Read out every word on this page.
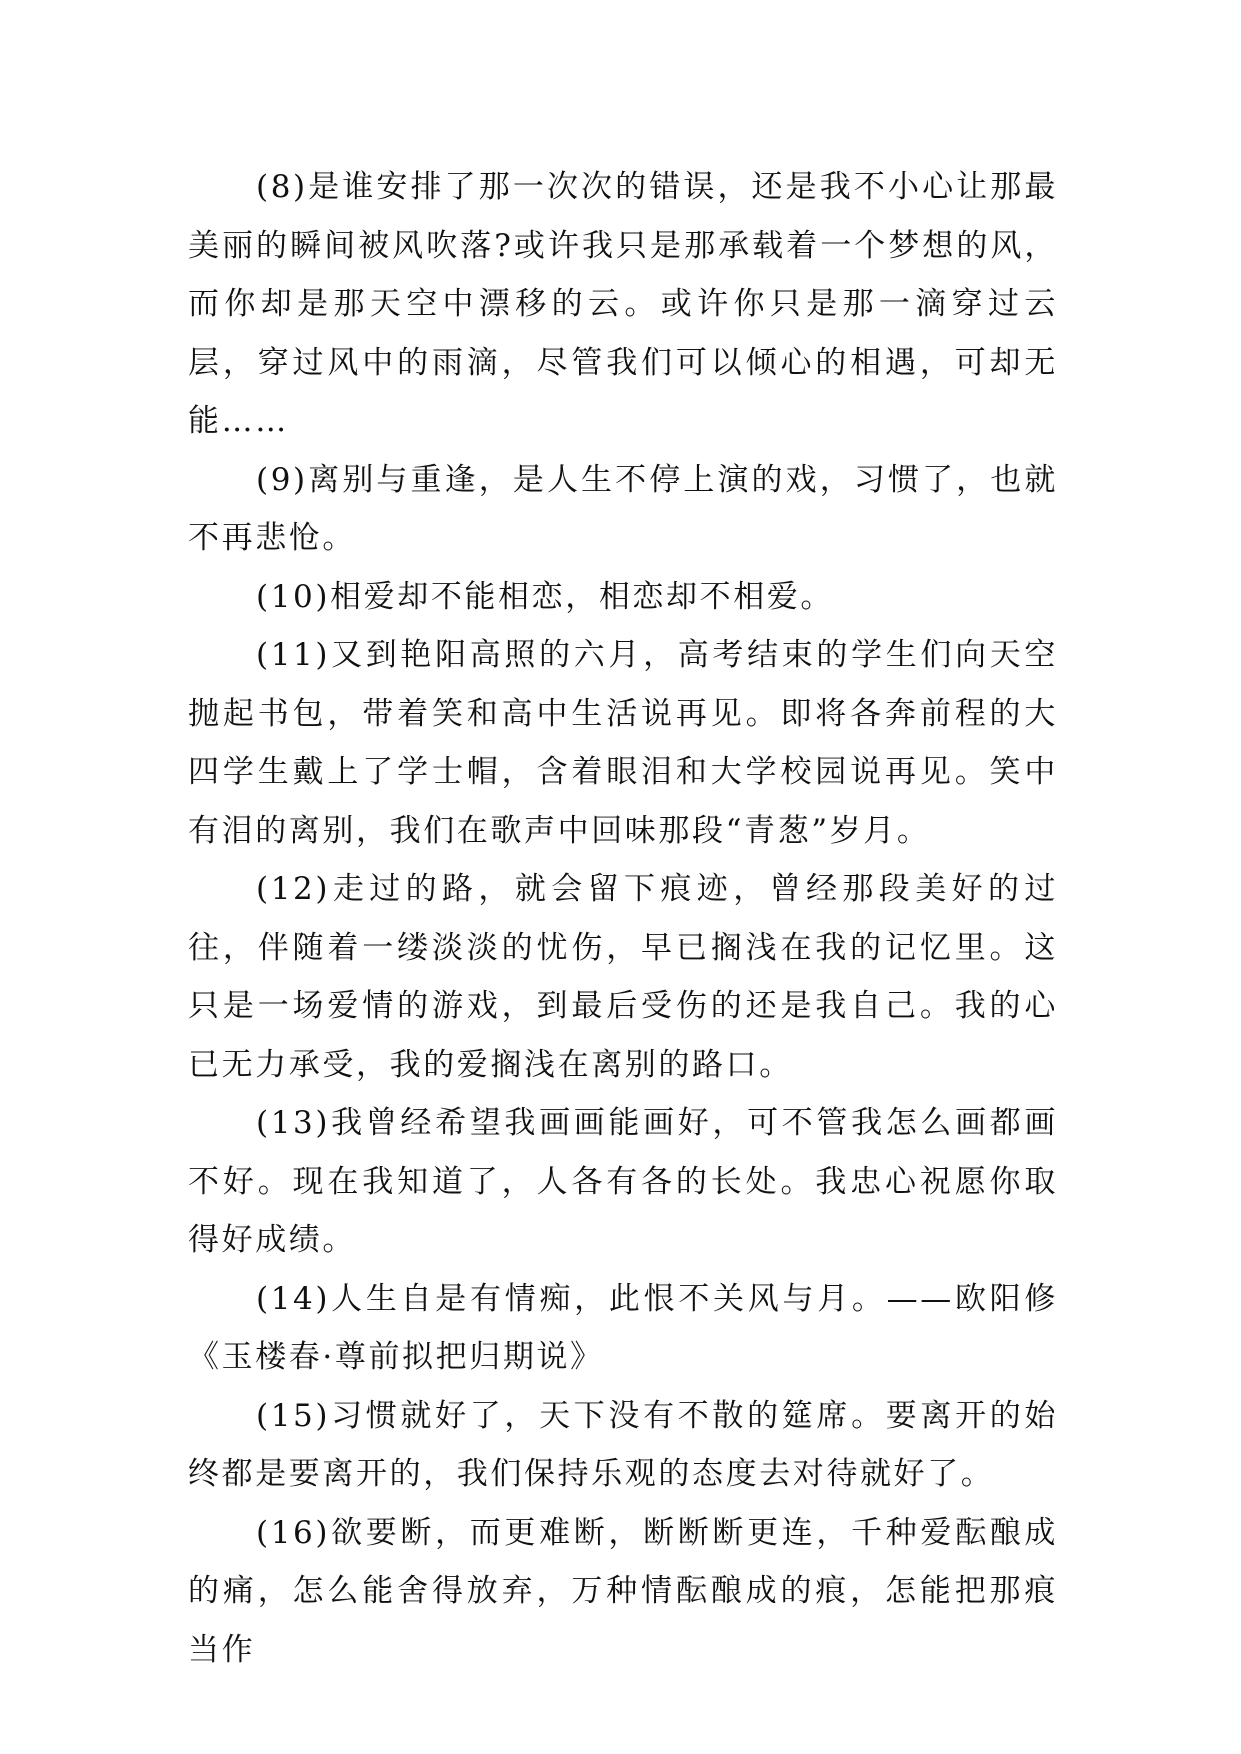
(8)是谁安排了那一次次的错误，还是我不小心让那最美丽的瞬间被风吹落?或许我只是那承载着一个梦想的风，而你却是那天空中漂移的云。或许你只是那一滴穿过云层，穿过风中的雨滴，尽管我们可以倾心的相遇，可却无能……

(9)离别与重逢，是人生不停上演的戏，习惯了，也就不再悲怆。

(10)相爱却不能相恋，相恋却不相爱。

(11)又到艳阳高照的六月，高考结束的学生们向天空抛起书包，带着笑和高中生活说再见。即将各奔前程的大四学生戴上了学士帽，含着眼泪和大学校园说再见。笑中有泪的离别，我们在歌声中回味那段“青葱”岁月。

(12)走过的路，就会留下痕迹，曾经那段美好的过往，伴随着一缕淡淡的忧伤，早已搁浅在我的记忆里。这只是一场爱情的游戏，到最后受伤的还是我自己。我的心已无力承受，我的爱搁浅在离别的路口。

(13)我曾经希望我画画能画好，可不管我怎么画都画不好。现在我知道了，人各有各的长处。我忠心祝愿你取得好成绩。

(14)人生自是有情痴，此恨不关风与月。——欧阳修《玉楼春·尊前拟把归期说》

(15)习惯就好了，天下没有不散的筵席。要离开的始终都是要离开的，我们保持乐观的态度去对待就好了。

(16)欲要断，而更难断，断断断更连，千种爱酝酿成的痛，怎么能舍得放弃，万种情酝酿成的痕，怎能把那痕当作
